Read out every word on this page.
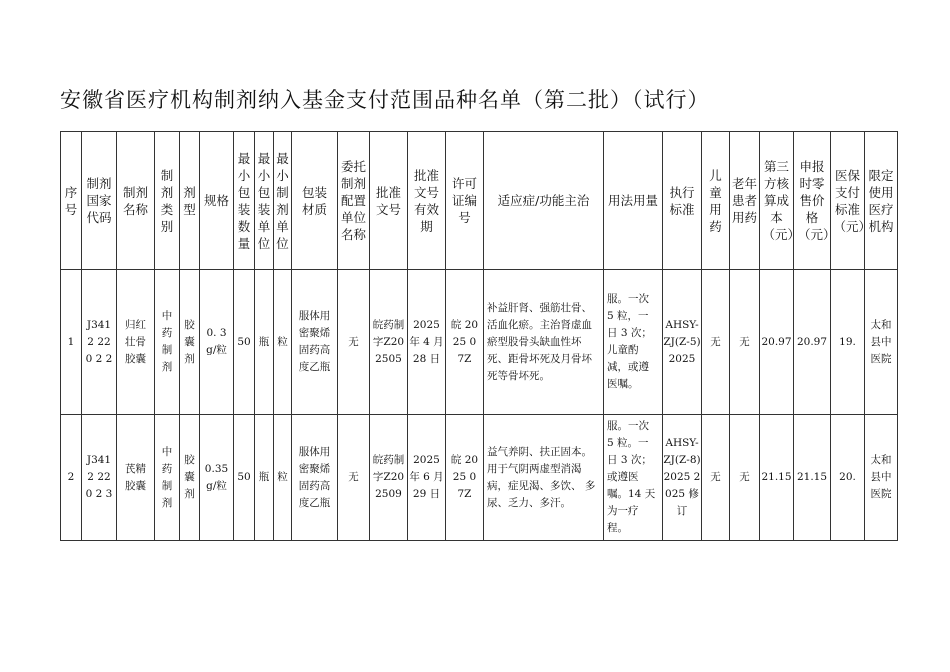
安徽省医疗机构制剂纳入基金支付范围品种名单（第二批）（试行）
序号	制剂国家代码	制剂名称	制剂类别	剂型	规格	最小包装数量	最小包装单位	最小制剂单位	包装材质	委托制剂配置单位名称	批准文号	批准文号有效期	许可证编号	适应症/功能主治	用法用量	执行标准	儿童用药	老年患者用药	第三方核算成本（元）	申报时零售价格（元）	医保支付标准（元）	限定使用医疗机构

1	J3412 220 2 2	归红壮骨胶囊	中药制剂	胶囊剂	0. 3g/粒	50	瓶	粒	服体用密聚烯 固药高度乙瓶	无	皖药制字Z202505	2025 年 4 月 28 日	皖 2025 07Z	补益肝肾、强筋壮骨、活血化瘀。主治肾虚血瘀型股骨头缺血性坏死、距骨坏死及月骨坏死等骨坏死。	服。一次 5 粒，一日 3 次；儿童酌减，或遵医嘱。	AHSY-ZJ(Z-5)2025	无	无	20.97	20.97	19.	太和县中医院

2	J3412 220 2 3	芪精胶囊	中药制剂	胶囊剂	0.35g/粒	50	瓶	粒	服体用密聚烯 固药高度乙瓶	无	皖药制字Z202509	2025 年 6 月 29 日	皖 2025 07Z	益气养阴、扶正固本。用于气阴两虚型消渴病，症见渴、多饮、 多尿、乏力、多汗。	服。一次 5 粒。一日 3 次；或遵医嘱。14 天为一疗 程。	AHSY-ZJ(Z-8)2025 2025 修订	无	无	21.15	21.15	20.	太和县中医院
